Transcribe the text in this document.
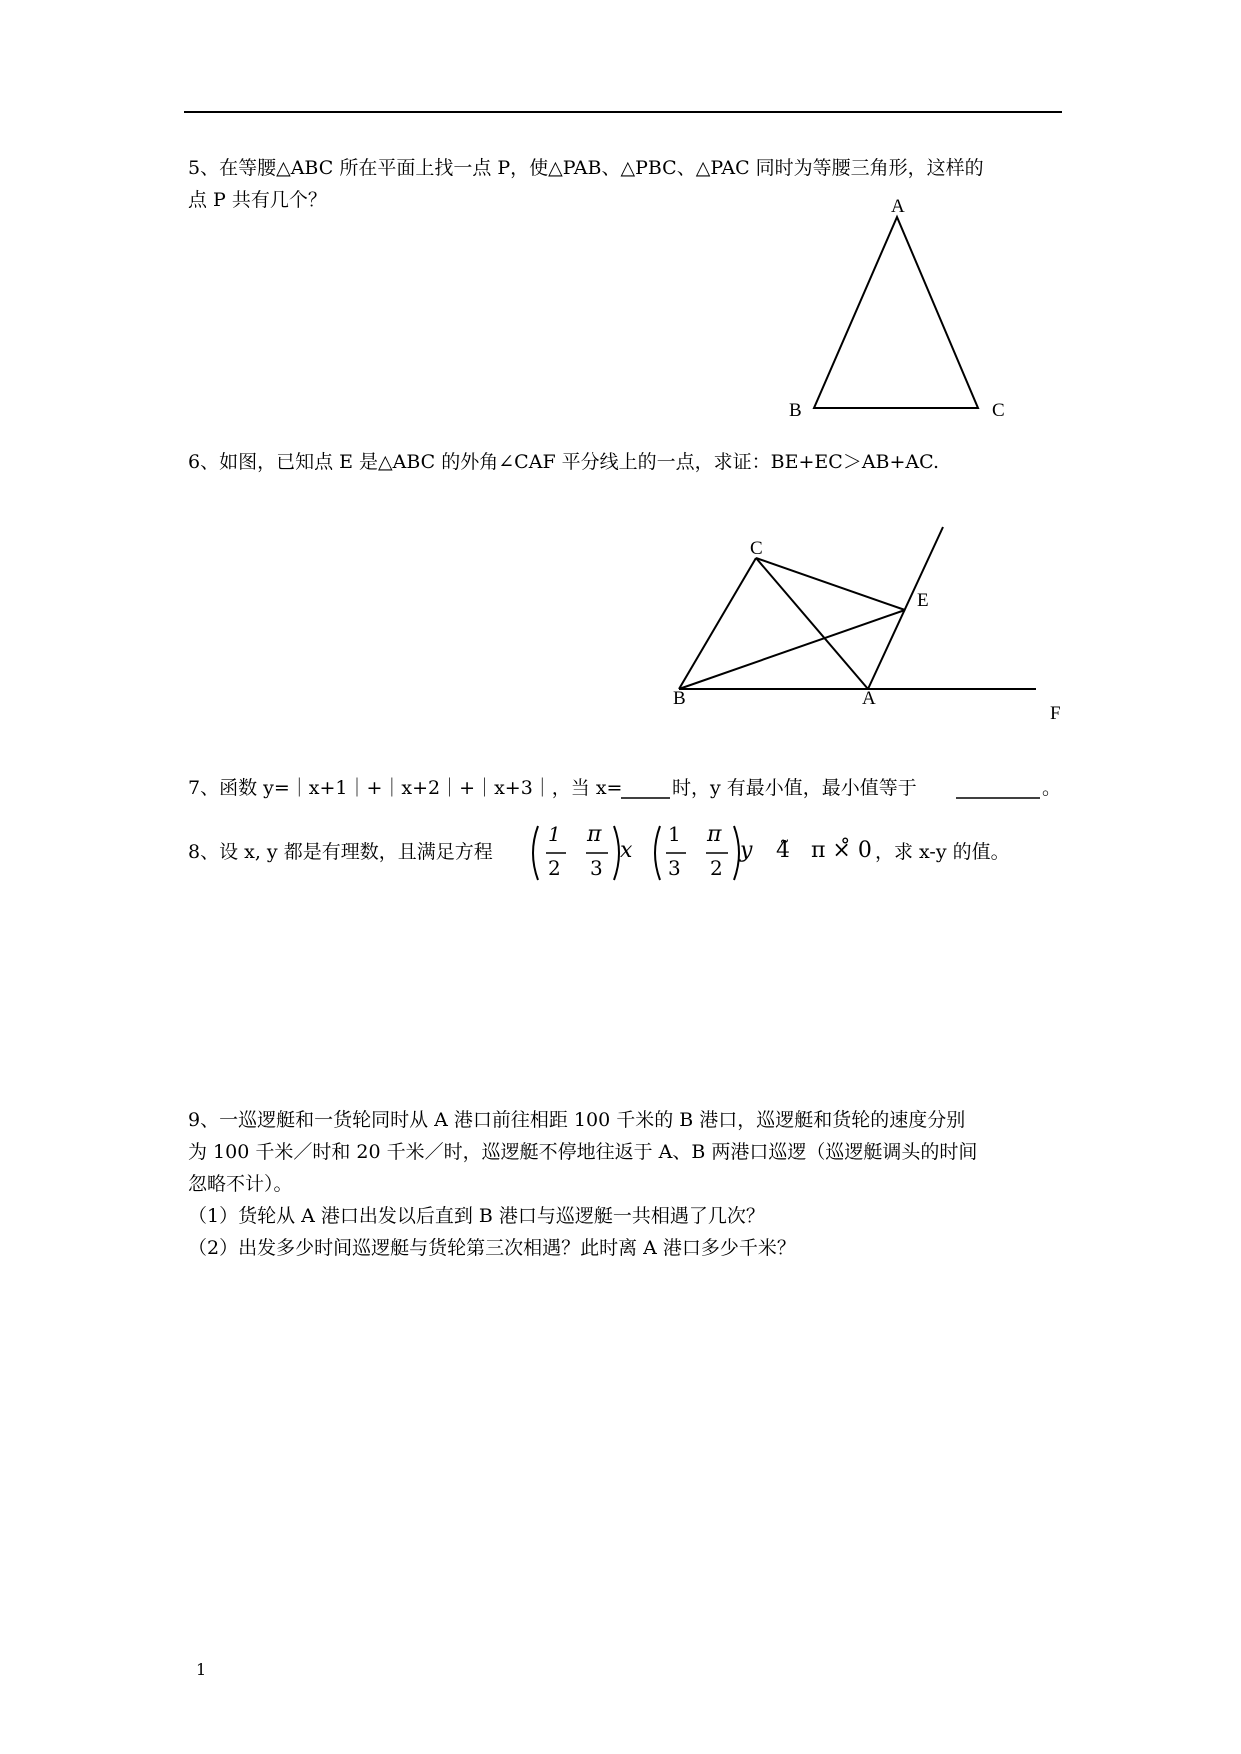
5、在等腰△ABC 所在平面上找一点 P，使△PAB、△PBC、△PAC 同时为等腰三角形，这样的
点 P 共有几个？	A
B	C
6、如图，已知点 E 是△ABC 的外角∠CAF 平分线上的一点，求证：BE+EC＞AB+AC.
C
E
B	A
F
7、函数 y=｜x+1｜+｜x+2｜+｜x+3｜，当 x=	时，y 有最小值，最小值等于	。
8、设 x, y 都是有理数，且满足方程
1
2
π
3
x
1
3
π
2
y 4̃   π ×̊ 0 ，求 x-y 的值。
9、一巡逻艇和一货轮同时从 A 港口前往相距 100 千米的 B 港口，巡逻艇和货轮的速度分别
为 100 千米／时和 20 千米／时，巡逻艇不停地往返于 A、B 两港口巡逻（巡逻艇调头的时间
忽略不计）。
（1）货轮从 A 港口出发以后直到 B 港口与巡逻艇一共相遇了几次？
（2）出发多少时间巡逻艇与货轮第三次相遇？此时离 A 港口多少千米？
1
